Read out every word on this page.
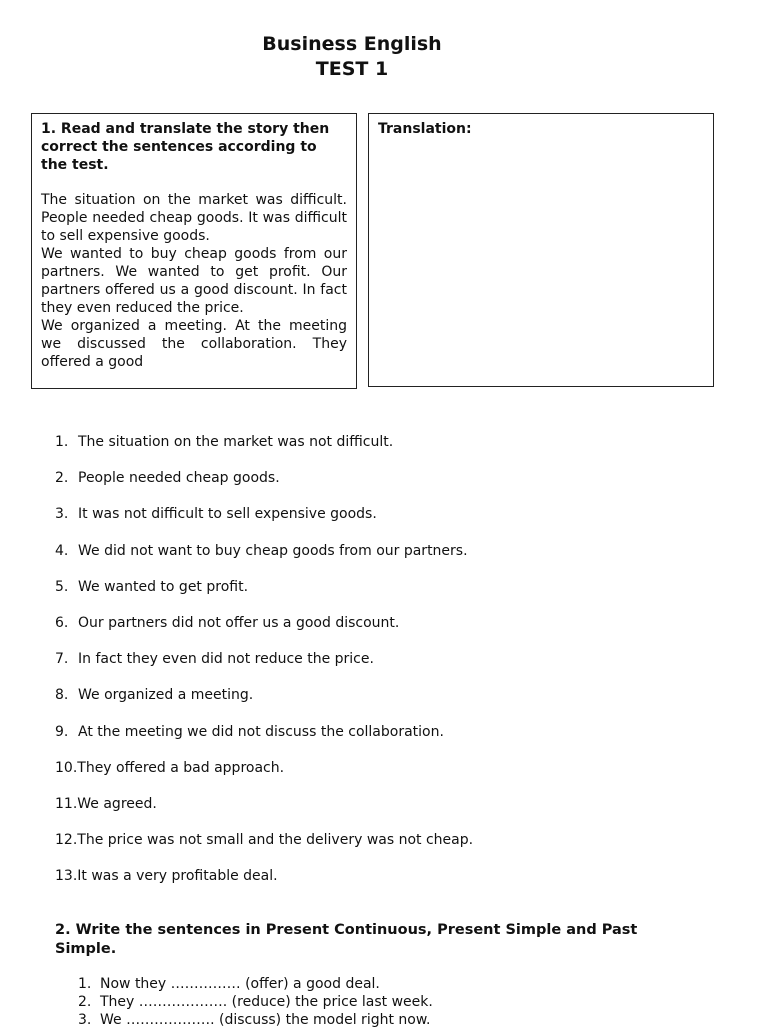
Business English
TEST 1
1. Read and translate the story then correct the sentences according to the test.

The situation on the market was difficult. People needed cheap goods. It was difficult to sell expensive goods.

We wanted to buy cheap goods from our partners. We wanted to get profit. Our partners offered us a good discount. In fact they even reduced the price.

We organized a meeting. At the meeting we discussed the collaboration. They offered a good

Translation:
1. The situation on the market was not difficult.
2. People needed cheap goods.
3. It was not difficult to sell expensive goods.
4. We did not want to buy cheap goods from our partners.
5. We wanted to get profit.
6. Our partners did not offer us a good discount.
7. In fact they even did not reduce the price.
8. We organized a meeting.
9. At the meeting we did not discuss the collaboration.
10.They offered a bad approach.
11.We agreed.
12.The price was not small and the delivery was not cheap.
13.It was a very profitable deal.
2. Write the sentences in Present Continuous, Present Simple and Past Simple.
1. Now they …………… (offer) a good deal.
2. They ………………. (reduce) the price last week.
3. We ………………. (discuss) the model right now.
